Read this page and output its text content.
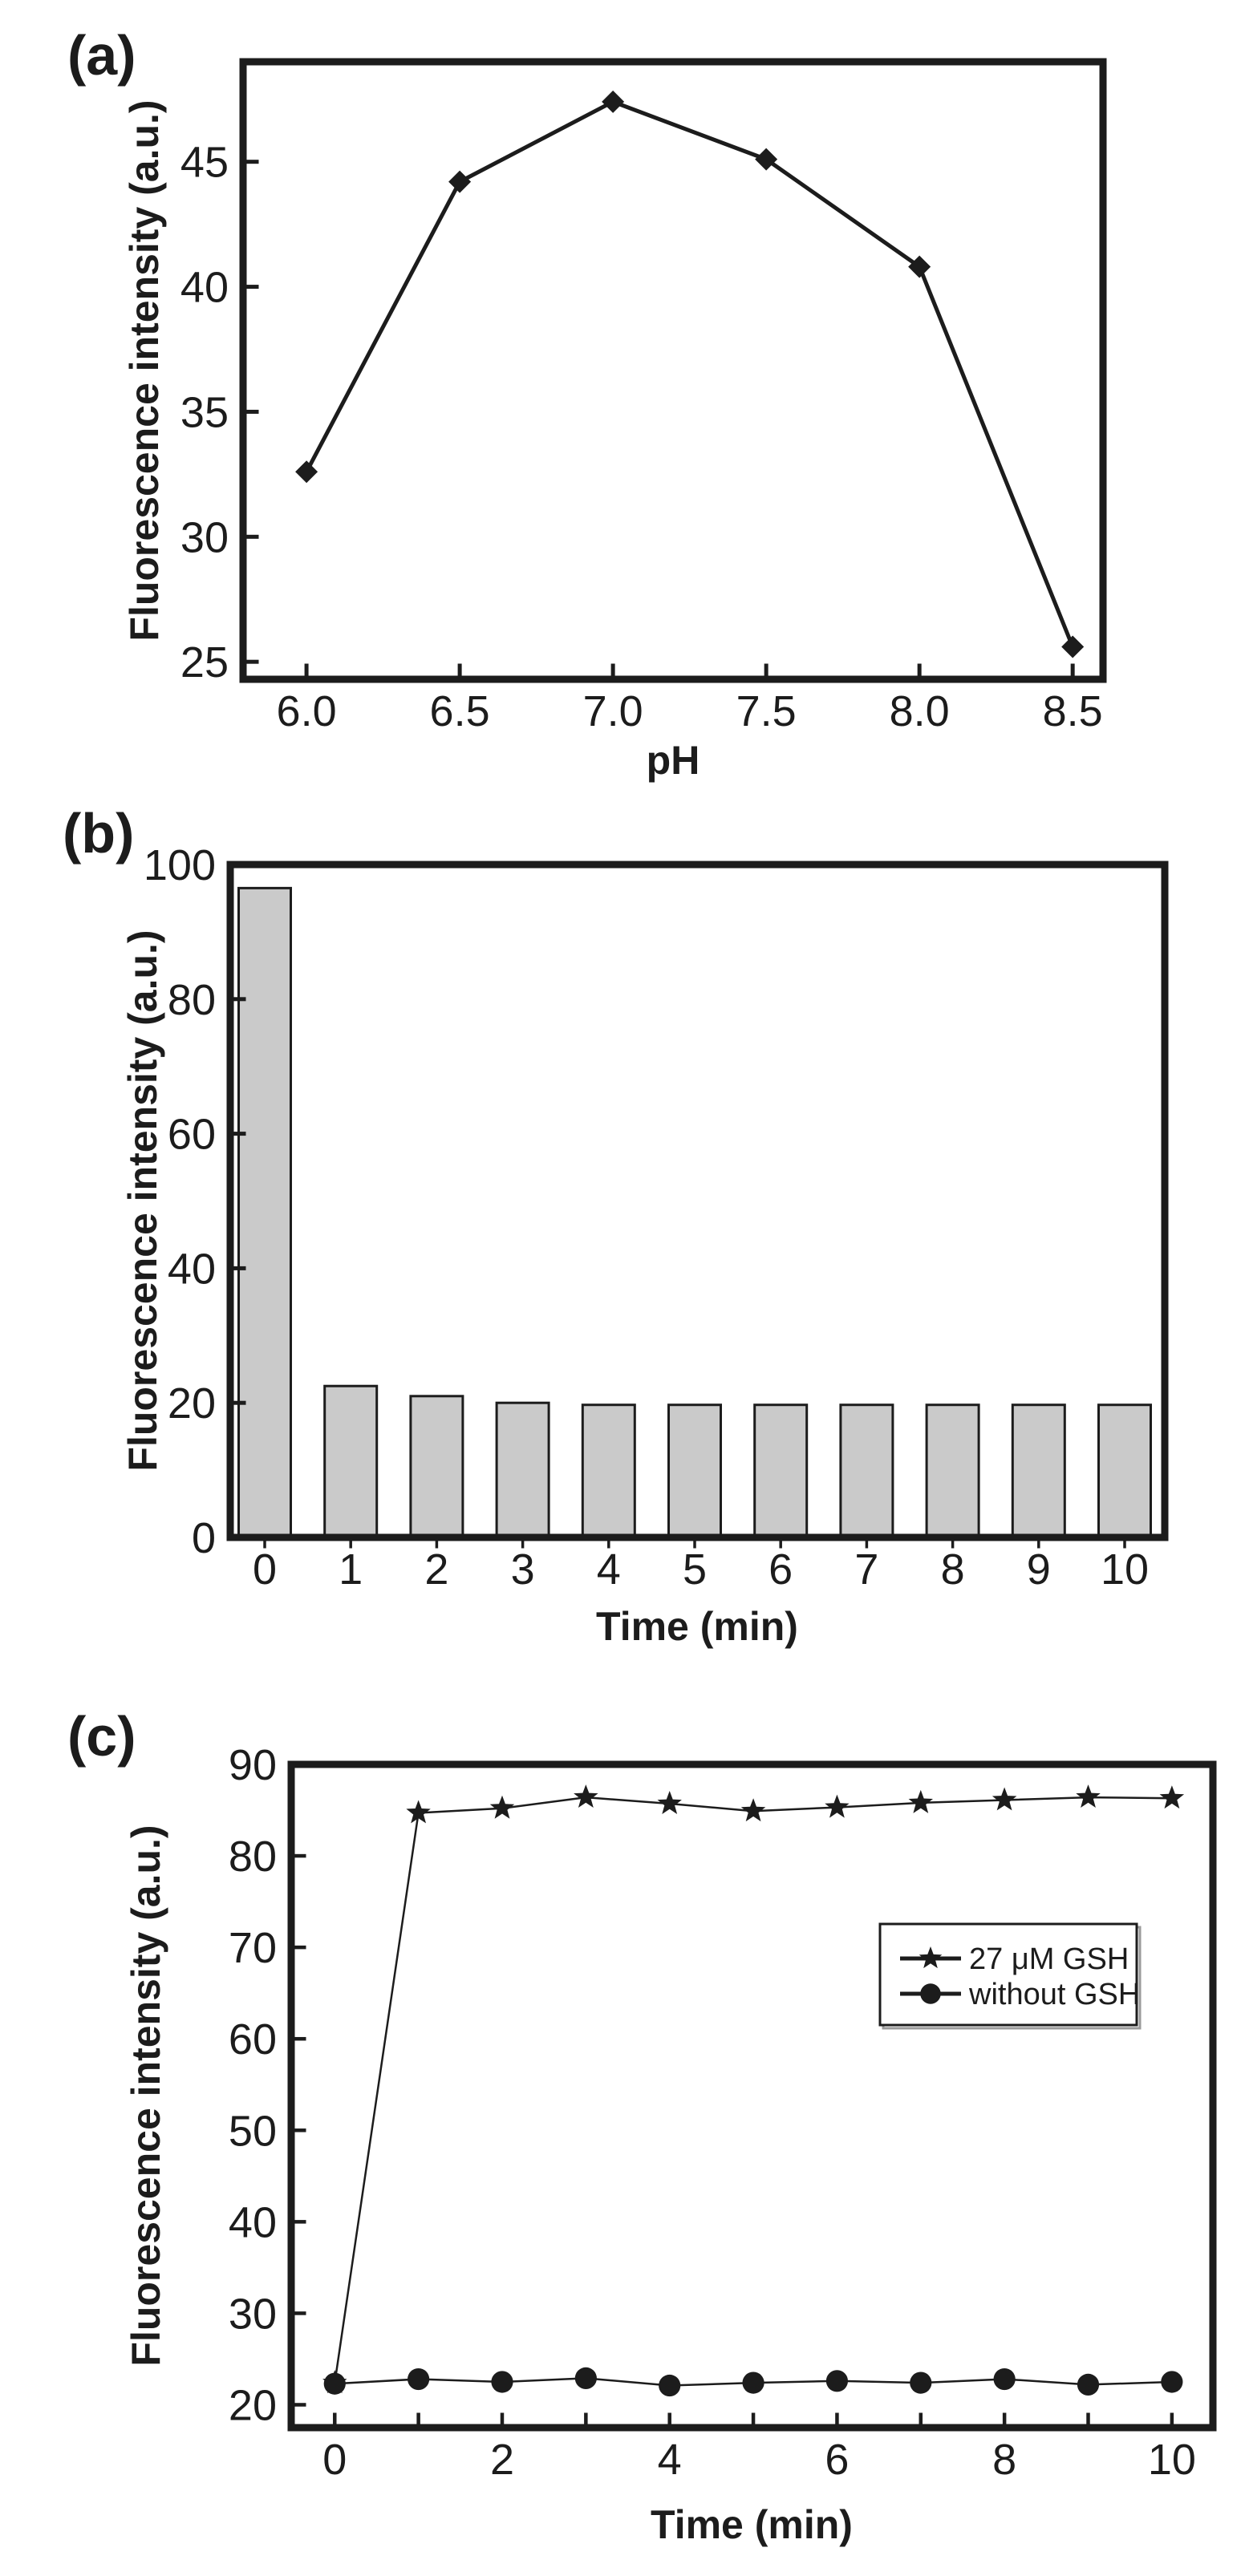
(a)
Fluorescence intensity (a.u.)
pH
(b)
Fluorescence intensity (a.u.)
Time (min)
(c)
Fluorescence intensity (a.u.)
Time (min)
25
30
35
40
45
6.0 6.5 7.0 7.5 8.0 8.5
0
20
40
60
80
100
0 1 2 3 4 5 6 7 8 9 10
20
30
40
50
60
70
80
90
0	2	4	6	8	10
27 μM GSH
without GSH
